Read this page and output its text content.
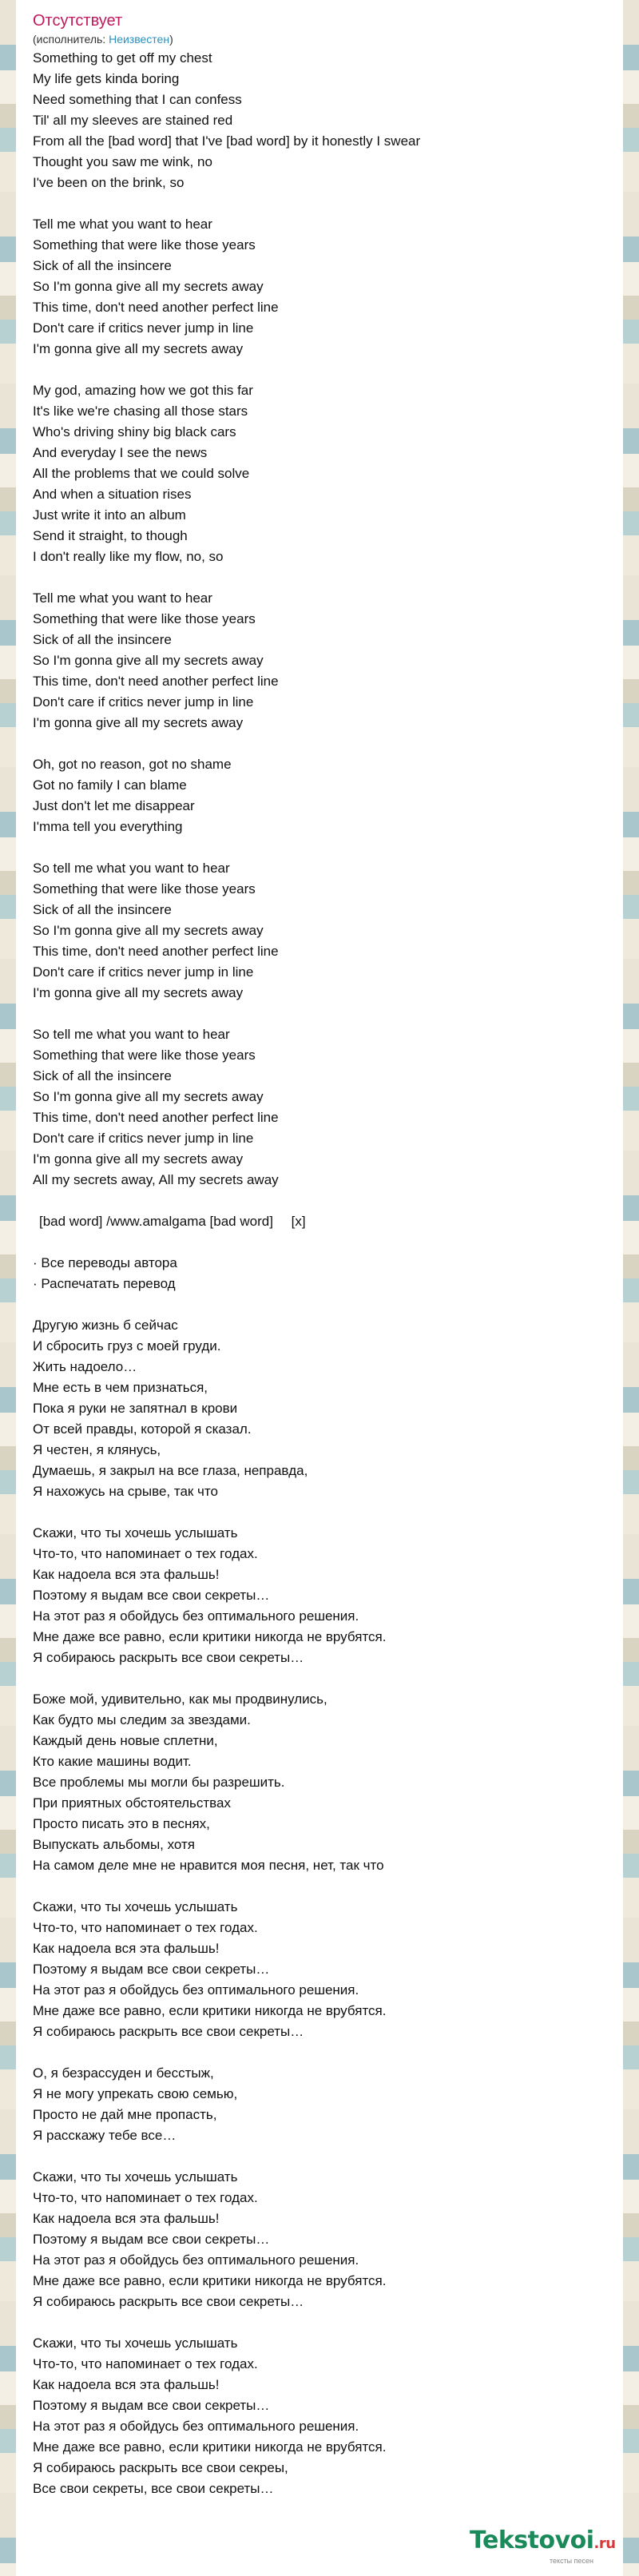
Отсутствует

(исполнитель: Неизвестен)

Something to get off my chest
My life gets kinda boring
Need something that I can confess
Til' all my sleeves are stained red
From all the [bad word] that I've [bad word] by it honestly I swear
Thought you saw me wink, no
I've been on the brink, so

Tell me what you want to hear
Something that were like those years
Sick of all the insincere
So I'm gonna give all my secrets away
This time, don't need another perfect line
Don't care if critics never jump in line
I'm gonna give all my secrets away

My god, amazing how we got this far
It's like we're chasing all those stars
Who's driving shiny big black cars
And everyday I see the news
All the problems that we could solve
And when a situation rises
Just write it into an album
Send it straight, to though
I don't really like my flow, no, so

Tell me what you want to hear
Something that were like those years
Sick of all the insincere
So I'm gonna give all my secrets away
This time, don't need another perfect line
Don't care if critics never jump in line
I'm gonna give all my secrets away

Oh, got no reason, got no shame
Got no family I can blame
Just don't let me disappear
I'mma tell you everything

So tell me what you want to hear
Something that were like those years
Sick of all the insincere
So I'm gonna give all my secrets away
This time, don't need another perfect line
Don't care if critics never jump in line
I'm gonna give all my secrets away

So tell me what you want to hear
Something that were like those years
Sick of all the insincere
So I'm gonna give all my secrets away
This time, don't need another perfect line
Don't care if critics never jump in line
I'm gonna give all my secrets away
All my secrets away, All my secrets away

[bad word] /www.amalgama [bad word] [x]
· Все переводы автора
· Распечатать перевод

Другую жизнь б сейчас
И сбросить груз с моей груди.
Жить надоело…
Мне есть в чем признаться,
Пока я руки не запятнал в крови
От всей правды, которой я сказал.
Я честен, я клянусь,
Думаешь, я закрыл на все глаза, неправда,
Я нахожусь на срыве, так что

Скажи, что ты хочешь услышать
Что-то, что напоминает о тех годах.
Как надоела вся эта фальшь!
Поэтому я выдам все свои секреты…
На этот раз я обойдусь без оптимального решения.
Мне даже все равно, если критики никогда не врубятся.
Я собираюсь раскрыть все свои секреты…

Боже мой, удивительно, как мы продвинулись,
Как будто мы следим за звездами.
Каждый день новые сплетни,
Кто какие машины водит.
Все проблемы мы могли бы разрешить.
При приятных обстоятельствах
Просто писать это в песнях,
Выпускать альбомы, хотя
На самом деле мне не нравится моя песня, нет, так что

Скажи, что ты хочешь услышать
Что-то, что напоминает о тех годах.
Как надоела вся эта фальшь!
Поэтому я выдам все свои секреты…
На этот раз я обойдусь без оптимального решения.
Мне даже все равно, если критики никогда не врубятся.
Я собираюсь раскрыть все свои секреты…

О, я безрассуден и бесстыж,
Я не могу упрекать свою семью,
Просто не дай мне пропасть,
Я расскажу тебе все…

Скажи, что ты хочешь услышать
Что-то, что напоминает о тех годах.
Как надоела вся эта фальшь!
Поэтому я выдам все свои секреты…
На этот раз я обойдусь без оптимального решения.
Мне даже все равно, если критики никогда не врубятся.
Я собираюсь раскрыть все свои секреты…

Скажи, что ты хочешь услышать
Что-то, что напоминает о тех годах.
Как надоела вся эта фальшь!
Поэтому я выдам все свои секреты…
На этот раз я обойдусь без оптимального решения.
Мне даже все равно, если критики никогда не врубятся.
Я собираюсь раскрыть все свои секрeы,
Все свои секреты, все свои секреты…

Tekstovoi.ru
тексты песен
